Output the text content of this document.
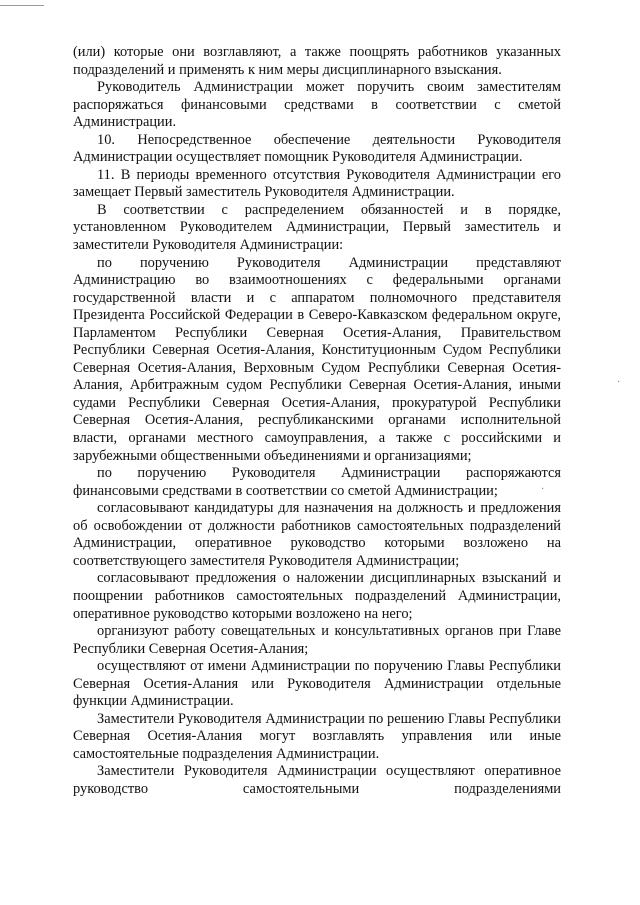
·
·

(или) которые они возглавляют, а также поощрять работников указанных подразделений и применять к ним меры дисциплинарного взыскания.

Руководитель Администрации может поручить своим заместителям распоряжаться финансовыми средствами в соответствии с сметой Администрации.

10. Непосредственное обеспечение деятельности Руководителя Администрации осуществляет помощник Руководителя Администрации.

11. В периоды временного отсутствия Руководителя Администрации его замещает Первый заместитель Руководителя Администрации.

В соответствии с распределением обязанностей и в порядке, установленном Руководителем Администрации, Первый заместитель и заместители Руководителя Администрации:

по поручению Руководителя Администрации представляют Администрацию во взаимоотношениях с федеральными органами государственной власти и с аппаратом полномочного представителя Президента Российской Федерации в Северо-Кавказском федеральном округе, Парламентом Республики Северная Осетия-Алания, Правительством Республики Северная Осетия-Алания, Конституционным Судом Республики Северная Осетия-Алания, Верховным Судом Республики Северная Осетия-Алания, Арбитражным судом Республики Северная Осетия-Алания, иными судами Республики Северная Осетия-Алания, прокуратурой Республики Северная Осетия-Алания, республиканскими органами исполнительной власти, органами местного самоуправления, а также с российскими и зарубежными общественными объединениями и организациями;

по поручению Руководителя Администрации распоряжаются финансовыми средствами в соответствии со сметой Администрации;

согласовывают кандидатуры для назначения на должность и предложения об освобождении от должности работников самостоятельных подразделений Администрации, оперативное руководство которыми возложено на соответствующего заместителя Руководителя Администрации;

согласовывают предложения о наложении дисциплинарных взысканий и поощрении работников самостоятельных подразделений Администрации, оперативное руководство которыми возложено на него;

организуют работу совещательных и консультативных органов при Главе Республики Северная Осетия-Алания;

осуществляют от имени Администрации по поручению Главы Республики Северная Осетия-Алания или Руководителя Администрации отдельные функции Администрации.

Заместители Руководителя Администрации по решению Главы Республики Северная Осетия-Алания могут возглавлять управления или иные самостоятельные подразделения Администрации.

Заместители Руководителя Администрации осуществляют оперативное руководство самостоятельными подразделениями
